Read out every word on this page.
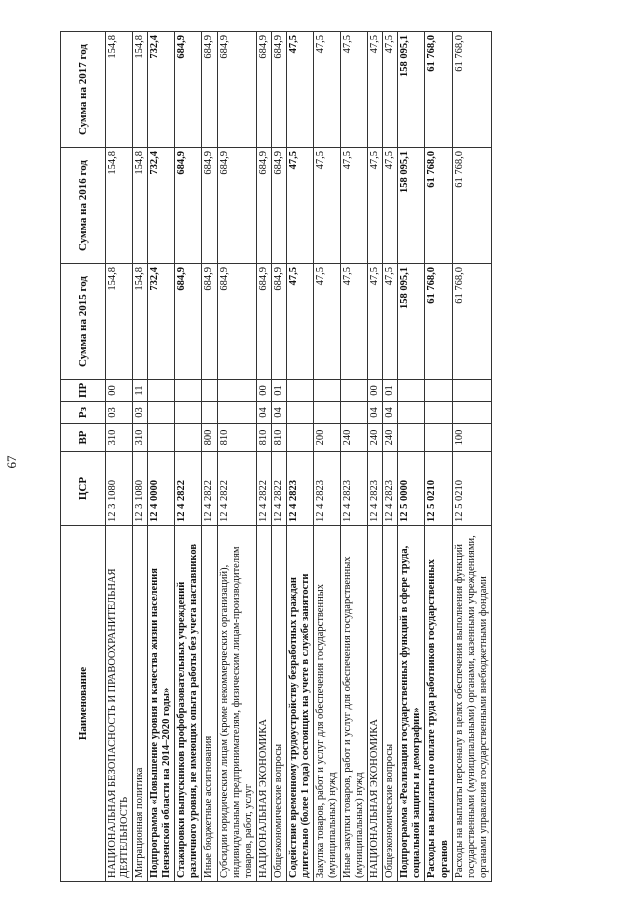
67
Наименование	ЦСР	ВР	Рз	ПР	Сумма на 2015 год	Сумма на 2016 год	Сумма на 2017 год
НАЦИОНАЛЬНАЯ БЕЗОПАСНОСТЬ И ПРАВООХРАНИТЕЛЬНАЯ ДЕЯТЕЛЬНОСТЬ	12 3 1080	310	03	00	154,8	154,8	154,8
Миграционная политика	12 3 1080	310	03	11	154,8	154,8	154,8
Подпрограмма «Повышение уровня и качества жизни населения Пензенской области на 2014–2020 годы»	12 4 0000				732,4	732,4	732,4
Стажировки выпускников профобразовательных учреждений различного уровня, не имеющих опыта работы без учета наставников	12 4 2822				684,9	684,9	684,9
Иные бюджетные ассигнования	12 4 2822	800			684,9	684,9	684,9
Субсидии юридическим лицам (кроме некоммерческих организаций), индивидуальным предпринимателям, физическим лицам-производителям товаров, работ, услуг	12 4 2822	810			684,9	684,9	684,9
НАЦИОНАЛЬНАЯ ЭКОНОМИКА	12 4 2822	810	04	00	684,9	684,9	684,9
Общеэкономические вопросы	12 4 2822	810	04	01	684,9	684,9	684,9
Содействие временному трудоустройству безработных граждан длительно (более 1 года) состоящих на учете в службе занятости	12 4 2823				47,5	47,5	47,5
Закупка товаров, работ и услуг для обеспечения государственных (муниципальных) нужд	12 4 2823	200			47,5	47,5	47,5
Иные закупки товаров, работ и услуг для обеспечения государственных (муниципальных) нужд	12 4 2823	240			47,5	47,5	47,5
НАЦИОНАЛЬНАЯ ЭКОНОМИКА	12 4 2823	240	04	00	47,5	47,5	47,5
Общеэкономические вопросы	12 4 2823	240	04	01	47,5	47,5	47,5
Подпрограмма «Реализация государственных функций в сфере труда, социальной защиты и демографии»	12 5 0000				158 095,1	158 095,1	158 095,1
Расходы на выплаты по оплате труда работников государственных органов	12 5 0210				61 768,0	61 768,0	61 768,0
Расходы на выплаты персоналу в целях обеспечения выполнения функций государственными (муниципальными) органами, казенными учреждениями, органами управления государственными внебюджетными фондами	12 5 0210	100			61 768,0	61 768,0	61 768,0
